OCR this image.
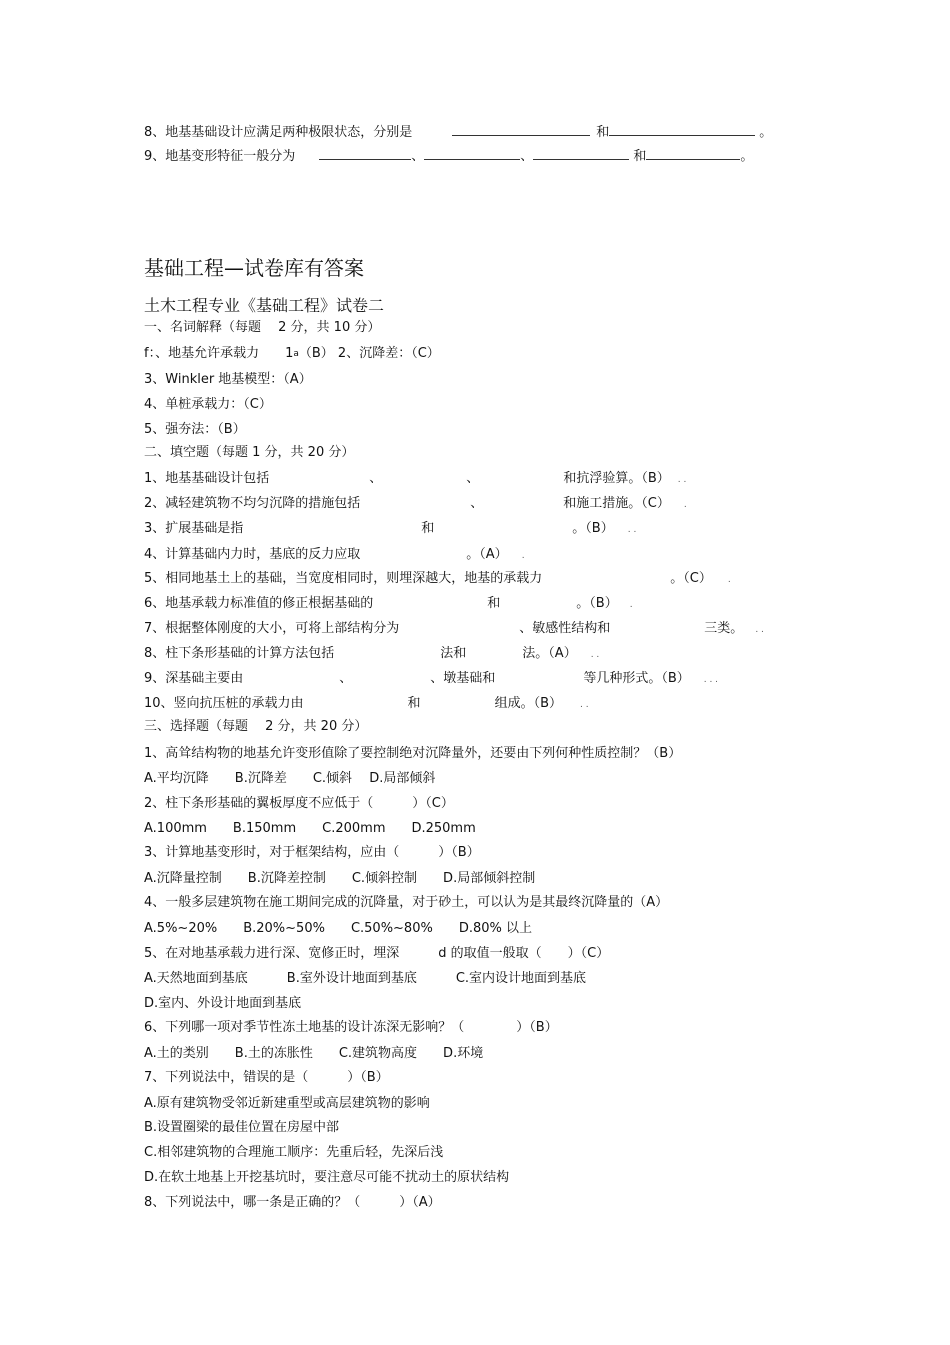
8、地基基础设计应满足两种极限状态，分别是	和	。
9、地基变形特征一般分为	、	、	和	。
基础工程—试卷库有答案
土木工程专业《基础工程》试卷二
一、名词解释（每题　 2 分，共 10 分）
f：、地基允许承载力　　1$^a$（B） 2、沉降差：（C）
3、Winkler 地基模型：（A）
4、单桩承载力：（C）
5、强夯法：（B）
二、填空题（每题 1 分，共 20 分）
1、地基基础设计包括	、	、	和抗浮验算。（B） . .
2、减轻建筑物不均匀沉降的措施包括	、	和施工措施。（C） .
3、扩展基础是指	和	。（B） . .
4、计算基础内力时，基底的反力应取	。（A） .
5、相同地基土上的基础，当宽度相同时，则埋深越大，地基的承载力	。（C） .
6、地基承载力标准值的修正根据基础的	和	。（B） .
7、根据整体刚度的大小，可将上部结构分为	、敏感性结构和	三类。 . .
8、柱下条形基础的计算方法包括	法和	法。（A） . .
9、深基础主要由	、	、墩基础和	等几种形式。（B） . . .
10、竖向抗压桩的承载力由	和	组成。（B） . .
三、选择题（每题　 2 分，共 20 分）
1、高耸结构物的地基允许变形值除了要控制绝对沉降量外，还要由下列何种性质控制？（B）
A.平均沉降　　B.沉降差　　C.倾斜　 D.局部倾斜
2、柱下条形基础的翼板厚度不应低于（　　　）（C）
A.100mm　　B.150mm　　C.200mm　　D.250mm
3、计算地基变形时，对于框架结构，应由（　　　）（B）
A.沉降量控制　　B.沉降差控制　　C.倾斜控制　　D.局部倾斜控制
4、一般多层建筑物在施工期间完成的沉降量，对于砂土，可以认为是其最终沉降量的（A）
A.5%~20%　　B.20%~50%　　C.50%~80%　　D.80% 以上
5、在对地基承载力进行深、宽修正时，埋深　　　d 的取值一般取（　　）（C）
A.天然地面到基底　　　B.室外设计地面到基底　　　C.室内设计地面到基底
D.室内、外设计地面到基底
6、下列哪一项对季节性冻土地基的设计冻深无影响？（　　　　）（B）
A.土的类别　　B.土的冻胀性　　C.建筑物高度　　D.环境
7、下列说法中，错误的是（　　　）（B）
A.原有建筑物受邻近新建重型或高层建筑物的影响
B.设置圈梁的最佳位置在房屋中部
C.相邻建筑物的合理施工顺序：先重后轻，先深后浅
D.在软土地基上开挖基坑时，要注意尽可能不扰动土的原状结构
8、下列说法中，哪一条是正确的？（　　　）（A）
